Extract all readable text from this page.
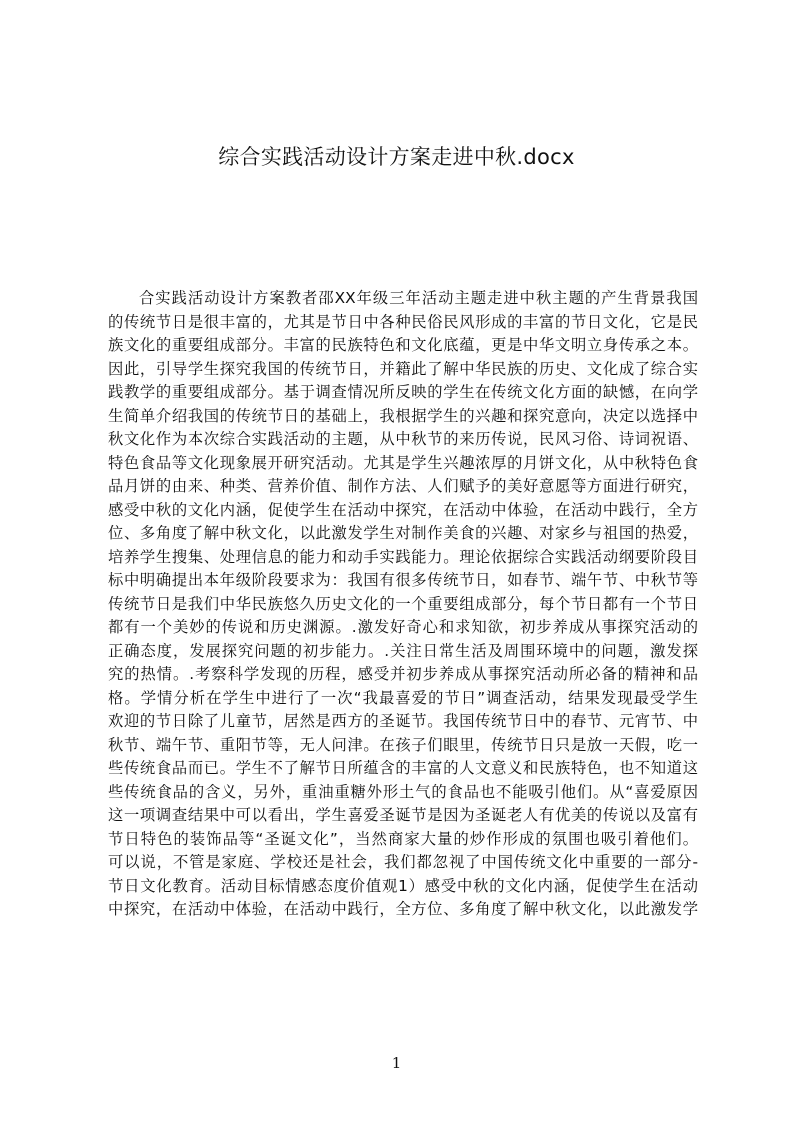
综合实践活动设计方案走进中秋.docx
合实践活动设计方案教者邵XX年级三年活动主题走进中秋主题的产生背景我国
的传统节日是很丰富的，尤其是节日中各种民俗民风形成的丰富的节日文化，它是民
族文化的重要组成部分。丰富的民族特色和文化底蕴，更是中华文明立身传承之本。
因此，引导学生探究我国的传统节日，并籍此了解中华民族的历史、文化成了综合实
践教学的重要组成部分。基于调查情况所反映的学生在传统文化方面的缺憾，在向学
生简单介绍我国的传统节日的基础上，我根据学生的兴趣和探究意向，决定以选择中
秋文化作为本次综合实践活动的主题，从中秋节的来历传说，民风习俗、诗词祝语、
特色食品等文化现象展开研究活动。尤其是学生兴趣浓厚的月饼文化，从中秋特色食
品月饼的由来、种类、营养价值、制作方法、人们赋予的美好意愿等方面进行研究，
感受中秋的文化内涵，促使学生在活动中探究，在活动中体验，在活动中践行，全方
位、多角度了解中秋文化，以此激发学生对制作美食的兴趣、对家乡与祖国的热爱，
培养学生搜集、处理信息的能力和动手实践能力。理论依据综合实践活动纲要阶段目
标中明确提出本年级阶段要求为：我国有很多传统节日，如春节、端午节、中秋节等
传统节日是我们中华民族悠久历史文化的一个重要组成部分，每个节日都有一个节日
都有一个美妙的传说和历史渊源。.激发好奇心和求知欲，初步养成从事探究活动的
正确态度，发展探究问题的初步能力。.关注日常生活及周围环境中的问题，激发探
究的热情。.考察科学发现的历程，感受并初步养成从事探究活动所必备的精神和品
格。学情分析在学生中进行了一次“我最喜爱的节日”调查活动，结果发现最受学生
欢迎的节日除了儿童节，居然是西方的圣诞节。我国传统节日中的春节、元宵节、中
秋节、端午节、重阳节等，无人问津。在孩子们眼里，传统节日只是放一天假，吃一
些传统食品而已。学生不了解节日所蕴含的丰富的人文意义和民族特色，也不知道这
些传统食品的含义，另外，重油重糖外形土气的食品也不能吸引他们。从“喜爱原因
这一项调查结果中可以看出，学生喜爱圣诞节是因为圣诞老人有优美的传说以及富有
节日特色的装饰品等“圣诞文化”，当然商家大量的炒作形成的氛围也吸引着他们。
可以说，不管是家庭、学校还是社会，我们都忽视了中国传统文化中重要的一部分-
节日文化教育。活动目标情感态度价值观1）感受中秋的文化内涵，促使学生在活动
中探究，在活动中体验，在活动中践行，全方位、多角度了解中秋文化，以此激发学
1
